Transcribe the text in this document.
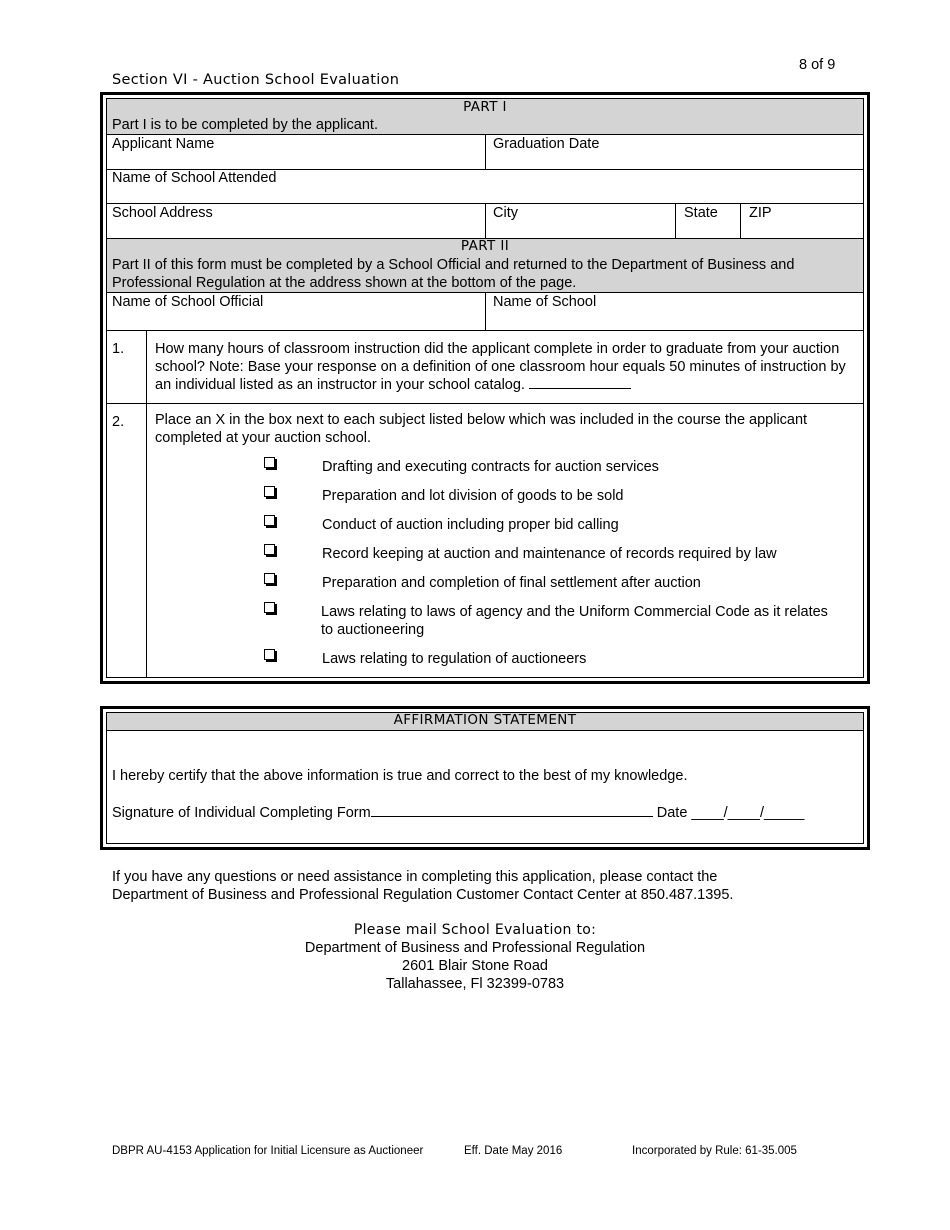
8 of 9
Section VI - Auction School Evaluation
PART I
Part I is to be completed by the applicant.
Applicant Name	Graduation Date
Name of School Attended
School Address	City	State ZIP
PART II
Part II of this form must be completed by a School Official and returned to the Department of Business and Professional Regulation at the address shown at the bottom of the page.
Name of School Official	Name of School
1. How many hours of classroom instruction did the applicant complete in order to graduate from your auction school? Note: Base your response on a definition of one classroom hour equals 50 minutes of instruction by an individual listed as an instructor in your school catalog.
2. Place an X in the box next to each subject listed below which was included in the course the applicant completed at your auction school.
Drafting and executing contracts for auction services
Preparation and lot division of goods to be sold
Conduct of auction including proper bid calling
Record keeping at auction and maintenance of records required by law
Preparation and completion of final settlement after auction
Laws relating to laws of agency and the Uniform Commercial Code as it relates to auctioneering
Laws relating to regulation of auctioneers
AFFIRMATION STATEMENT
I hereby certify that the above information is true and correct to the best of my knowledge.
Signature of Individual Completing Form	Date ____/____/_____
If you have any questions or need assistance in completing this application, please contact the
Department of Business and Professional Regulation Customer Contact Center at 850.487.1395.
Please mail School Evaluation to:
Department of Business and Professional Regulation
2601 Blair Stone Road
Tallahassee, Fl 32399-0783
DBPR AU-4153 Application for Initial Licensure as Auctioneer	Eff. Date May 2016	Incorporated by Rule: 61-35.005
